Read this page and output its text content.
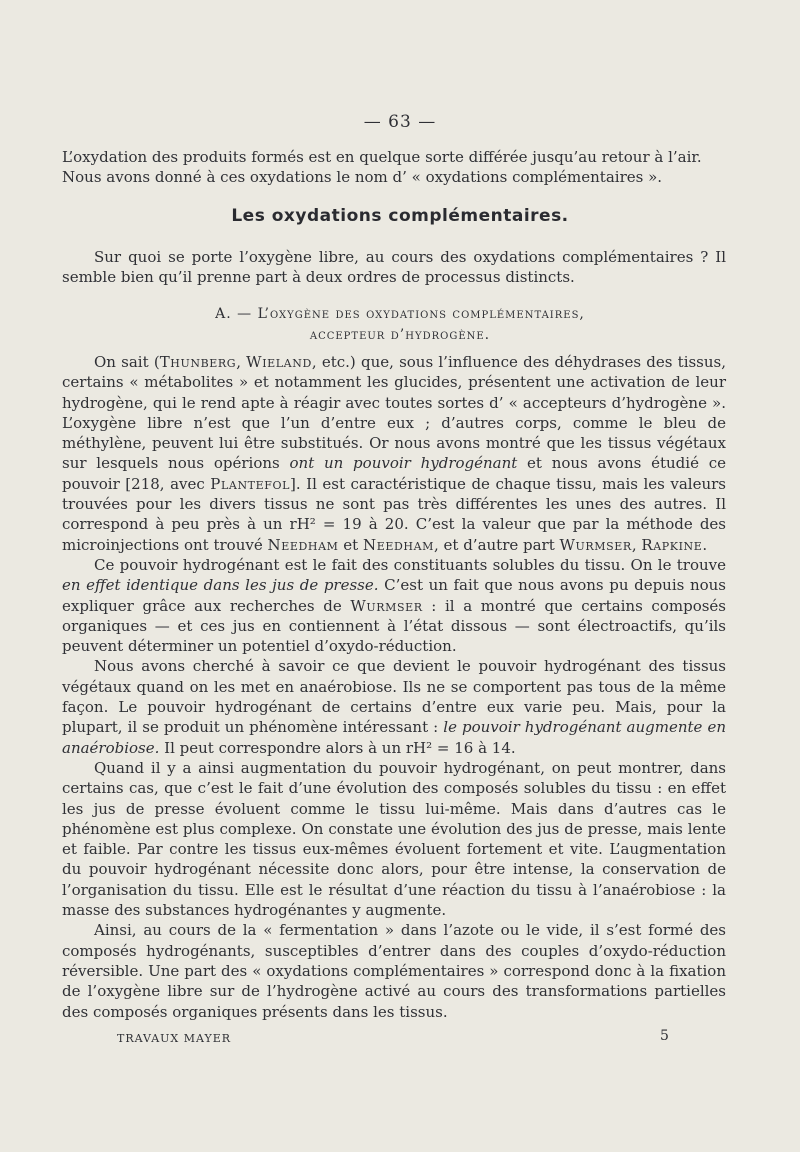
— 63 —

L’oxydation des produits formés est en quelque sorte différée jusqu’au retour à l’air.

Nous avons donné à ces oxydations le nom d’ « oxydations complémentaires ».

Les oxydations complémentaires.

Sur quoi se porte l’oxygène libre, au cours des oxydations complémentaires ? Il semble bien qu’il prenne part à deux ordres de processus distincts.

A. — L’oxygène des oxydations complémentaires,
accepteur d’hydrogène.

On sait (Thunberg, Wieland, etc.) que, sous l’influence des déhydrases des tissus, certains « métabolites » et notamment les glucides, présentent une activation de leur hydrogène, qui le rend apte à réagir avec toutes sortes d’ « accepteurs d’hydrogène ». L’oxygène libre n’est que l’un d’entre eux ; d’autres corps, comme le bleu de méthylène, peuvent lui être substitués. Or nous avons montré que les tissus végétaux sur lesquels nous opérions ont un pouvoir hydrogénant et nous avons étudié ce pouvoir [218, avec Plantefol]. Il est caractéristique de chaque tissu, mais les valeurs trouvées pour les divers tissus ne sont pas très différentes les unes des autres. Il correspond à peu près à un rH² = 19 à 20. C’est la valeur que par la méthode des microinjections ont trouvé Needham et Needham, et d’autre part Wurmser, Rapkine.

Ce pouvoir hydrogénant est le fait des constituants solubles du tissu. On le trouve en effet identique dans les jus de presse. C’est un fait que nous avons pu depuis nous expliquer grâce aux recherches de Wurmser : il a montré que certains composés organiques — et ces jus en contiennent à l’état dissous — sont électroactifs, qu’ils peuvent déterminer un potentiel d’oxydo-réduction.

Nous avons cherché à savoir ce que devient le pouvoir hydrogénant des tissus végétaux quand on les met en anaérobiose. Ils ne se comportent pas tous de la même façon. Le pouvoir hydrogénant de certains d’entre eux varie peu. Mais, pour la plupart, il se produit un phénomène intéressant : le pouvoir hydrogénant augmente en anaérobiose. Il peut correspondre alors à un rH² = 16 à 14.

Quand il y a ainsi augmentation du pouvoir hydrogénant, on peut montrer, dans certains cas, que c’est le fait d’une évolution des composés solubles du tissu : en effet les jus de presse évoluent comme le tissu lui-même. Mais dans d’autres cas le phénomène est plus complexe. On constate une évolution des jus de presse, mais lente et faible. Par contre les tissus eux-mêmes évoluent fortement et vite. L’augmentation du pouvoir hydrogénant nécessite donc alors, pour être intense, la conservation de l’organisation du tissu. Elle est le résultat d’une réaction du tissu à l’anaérobiose : la masse des substances hydrogénantes y augmente.

Ainsi, au cours de la « fermentation » dans l’azote ou le vide, il s’est formé des composés hydrogénants, susceptibles d’entrer dans des couples d’oxydo-réduction réversible. Une part des « oxydations complémentaires » correspond donc à la fixation de l’oxygène libre sur de l’hydrogène activé au cours des transformations partielles des composés organiques présents dans les tissus.

TRAVAUX MAYER	5
